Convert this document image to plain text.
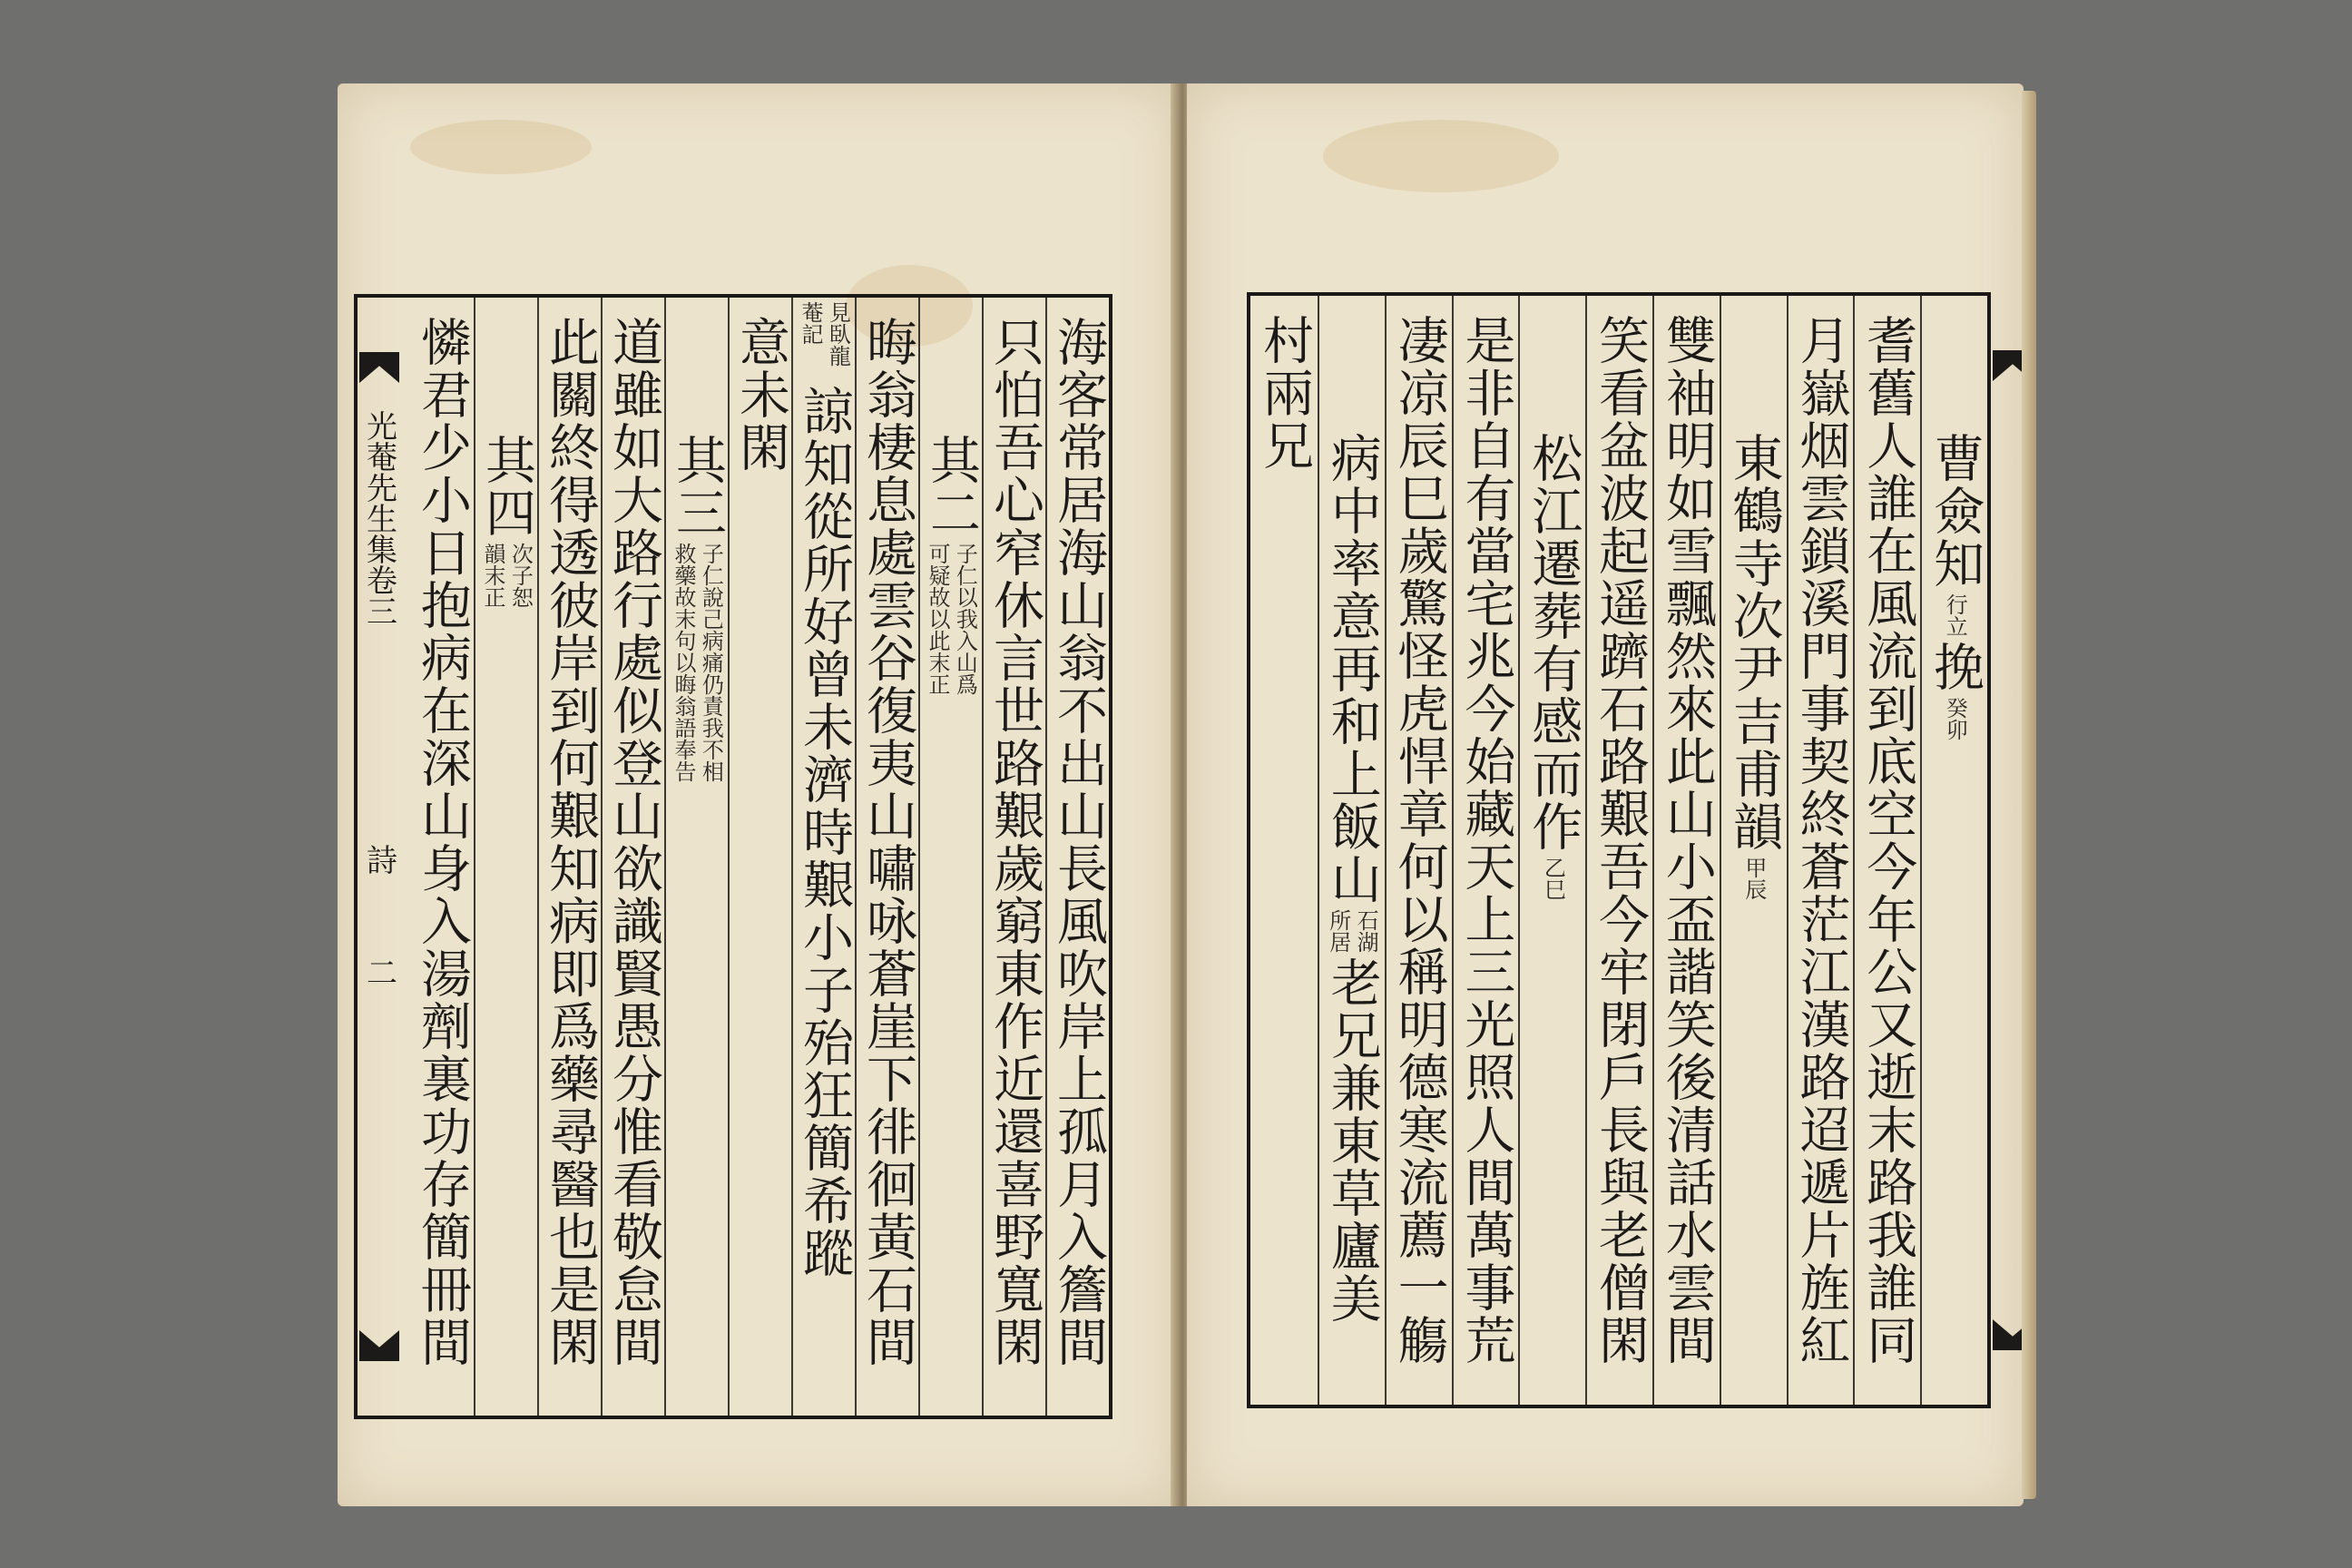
海客常居海山翁不出山長風吹岸上孤月入簷間
只怕吾心窄休言世路艱歲窮東作近還喜野寬閑
其二
子仁以我入山爲
可疑故以此末正
晦翁棲息處雲谷復夷山嘯咏蒼崖下徘徊黃石間
見臥龍
菴記
諒知從所好曾未濟時艱小子殆狂簡希蹤
意未閑
其三
子仁說己病痛仍責我不相
救藥故末句以晦翁語奉告
道雖如大路行處似登山欲識賢愚分惟看敬怠間
此關終得透彼岸到何艱知病即爲藥尋醫也是閑
其四
次子恕
韻末正
憐君少小日抱病在深山身入湯劑裏功存簡冊間
光菴先生集卷三
詩
二
曹僉知
行立
挽
癸卯
耆舊人誰在風流到底空今年公又逝末路我誰同
月嶽烟雲鎖溪門事契終蒼茫江漢路迢遞片旌紅
東鶴寺次尹吉甫韻
甲辰
雙袖明如雪飄然來此山小盃諧笑後清話水雲間
笑看盆波起遥躋石路艱吾今牢閉戶長與老僧閑
松江遷葬有感而作
乙巳
是非自有當宅兆今始藏天上三光照人間萬事荒
凄凉辰巳歲驚怪虎悍章何以稱明德寒流薦一觴
病中率意再和上飯山
石湖
所居
老兄兼東草廬美
村兩兄
